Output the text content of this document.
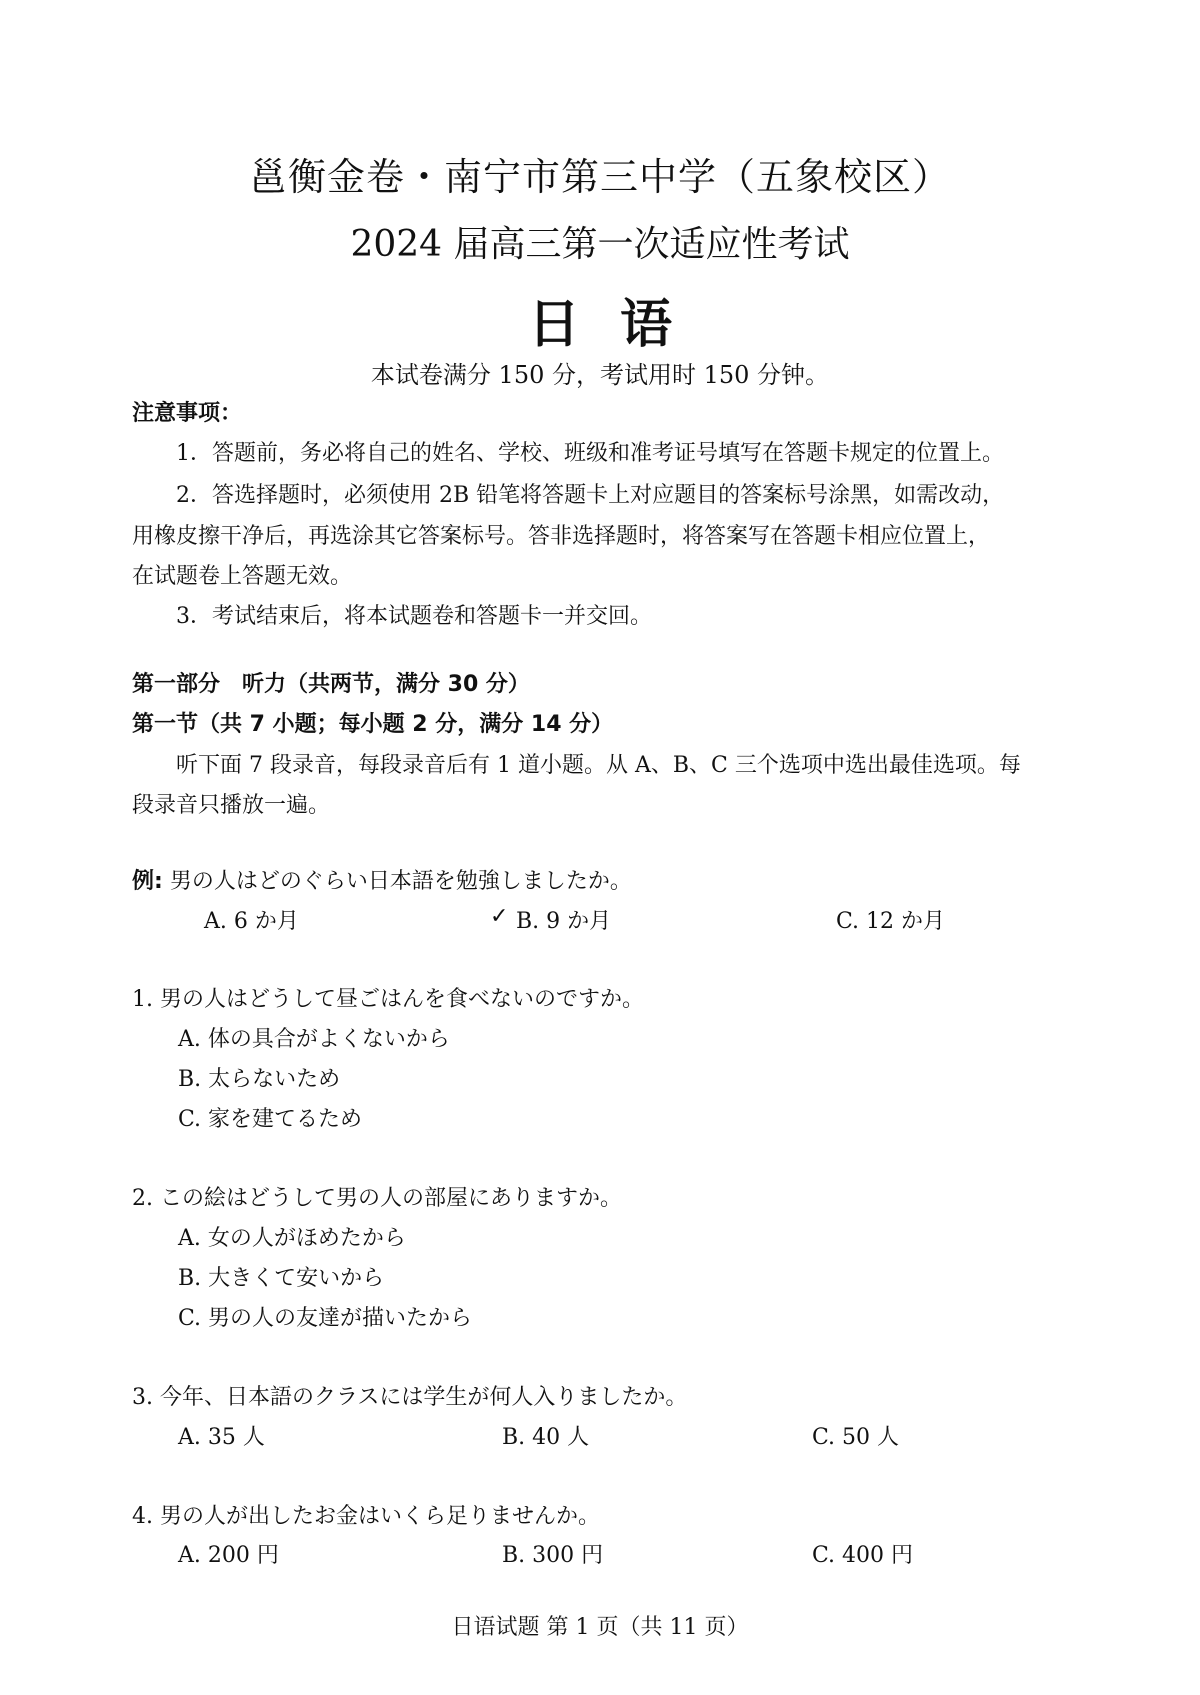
邕衡金卷・南宁市第三中学（五象校区）
2024 届高三第一次适应性考试
日语
本试卷满分 150 分，考试用时 150 分钟。
注意事项：
1．答题前，务必将自己的姓名、学校、班级和准考证号填写在答题卡规定的位置上。
2．答选择题时，必须使用 2B 铅笔将答题卡上对应题目的答案标号涂黑，如需改动，
用橡皮擦干净后，再选涂其它答案标号。答非选择题时，将答案写在答题卡相应位置上，
在试题卷上答题无效。
3．考试结束后，将本试题卷和答题卡一并交回。
第一部分　听力（共两节，满分 30 分）
第一节（共 7 小题；每小题 2 分，满分 14 分）
听下面 7 段录音，每段录音后有 1 道小题。从 A、B、C 三个选项中选出最佳选项。每
段录音只播放一遍。
例: 男の人はどのぐらい日本語を勉強しましたか。
A. 6 か月	✓ B. 9 か月	C. 12 か月
1. 男の人はどうして昼ごはんを食べないのですか。
A. 体の具合がよくないから
B. 太らないため
C. 家を建てるため
2. この絵はどうして男の人の部屋にありますか。
A. 女の人がほめたから
B. 大きくて安いから
C. 男の人の友達が描いたから
3. 今年、日本語のクラスには学生が何人入りましたか。
A. 35 人	B. 40 人	C. 50 人
4. 男の人が出したお金はいくら足りませんか。
A. 200 円	B. 300 円	C. 400 円
日语试题 第 1 页（共 11 页）
